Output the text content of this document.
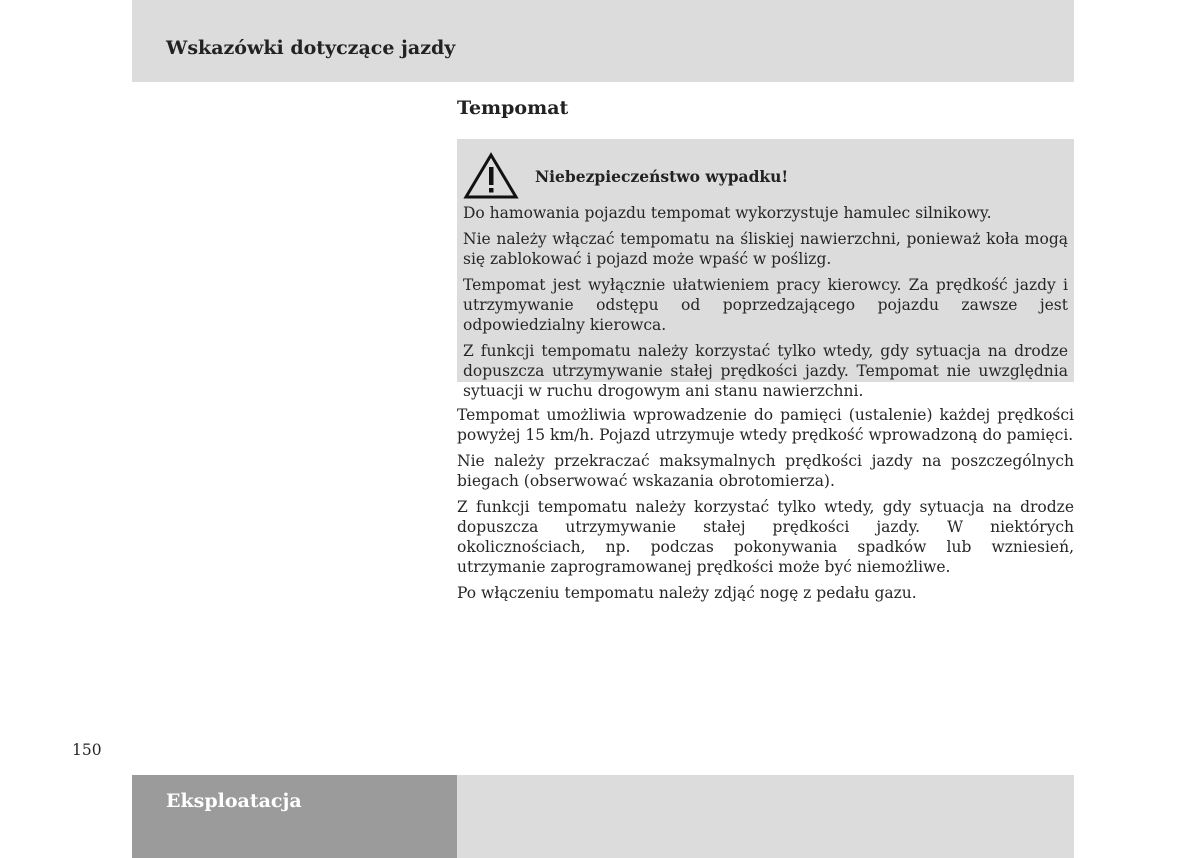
Wskazówki dotyczące jazdy
Tempomat
Niebezpieczeństwo wypadku!

Do hamowania pojazdu tempomat wykorzystuje hamulec silnikowy.

Nie należy włączać tempomatu na śliskiej nawierzchni, ponieważ koła mogą się zablokować i pojazd może wpaść w poślizg.

Tempomat jest wyłącznie ułatwieniem pracy kierowcy. Za prędkość jazdy i utrzymywanie odstępu od poprzedzającego pojazdu zawsze jest odpowiedzialny kierowca.

Z funkcji tempomatu należy korzystać tylko wtedy, gdy sytuacja na drodze dopuszcza utrzymywanie stałej prędkości jazdy. Tempomat nie uwzględnia sytuacji w ruchu drogowym ani stanu nawierzchni.

Tempomat umożliwia wprowadzenie do pamięci (ustalenie) każdej prędkości powyżej 15 km/h. Pojazd utrzymuje wtedy prędkość wprowadzoną do pamięci.

Nie należy przekraczać maksymalnych prędkości jazdy na poszczególnych biegach (obserwować wskazania obrotomierza).

Z funkcji tempomatu należy korzystać tylko wtedy, gdy sytuacja na drodze dopuszcza utrzymywanie stałej prędkości jazdy. W niektórych okolicznościach, np. podczas pokonywania spadków lub wzniesień, utrzymanie zaprogramowanej prędkości może być niemożliwe.

Po włączeniu tempomatu należy zdjąć nogę z pedału gazu.

150
Eksploatacja
